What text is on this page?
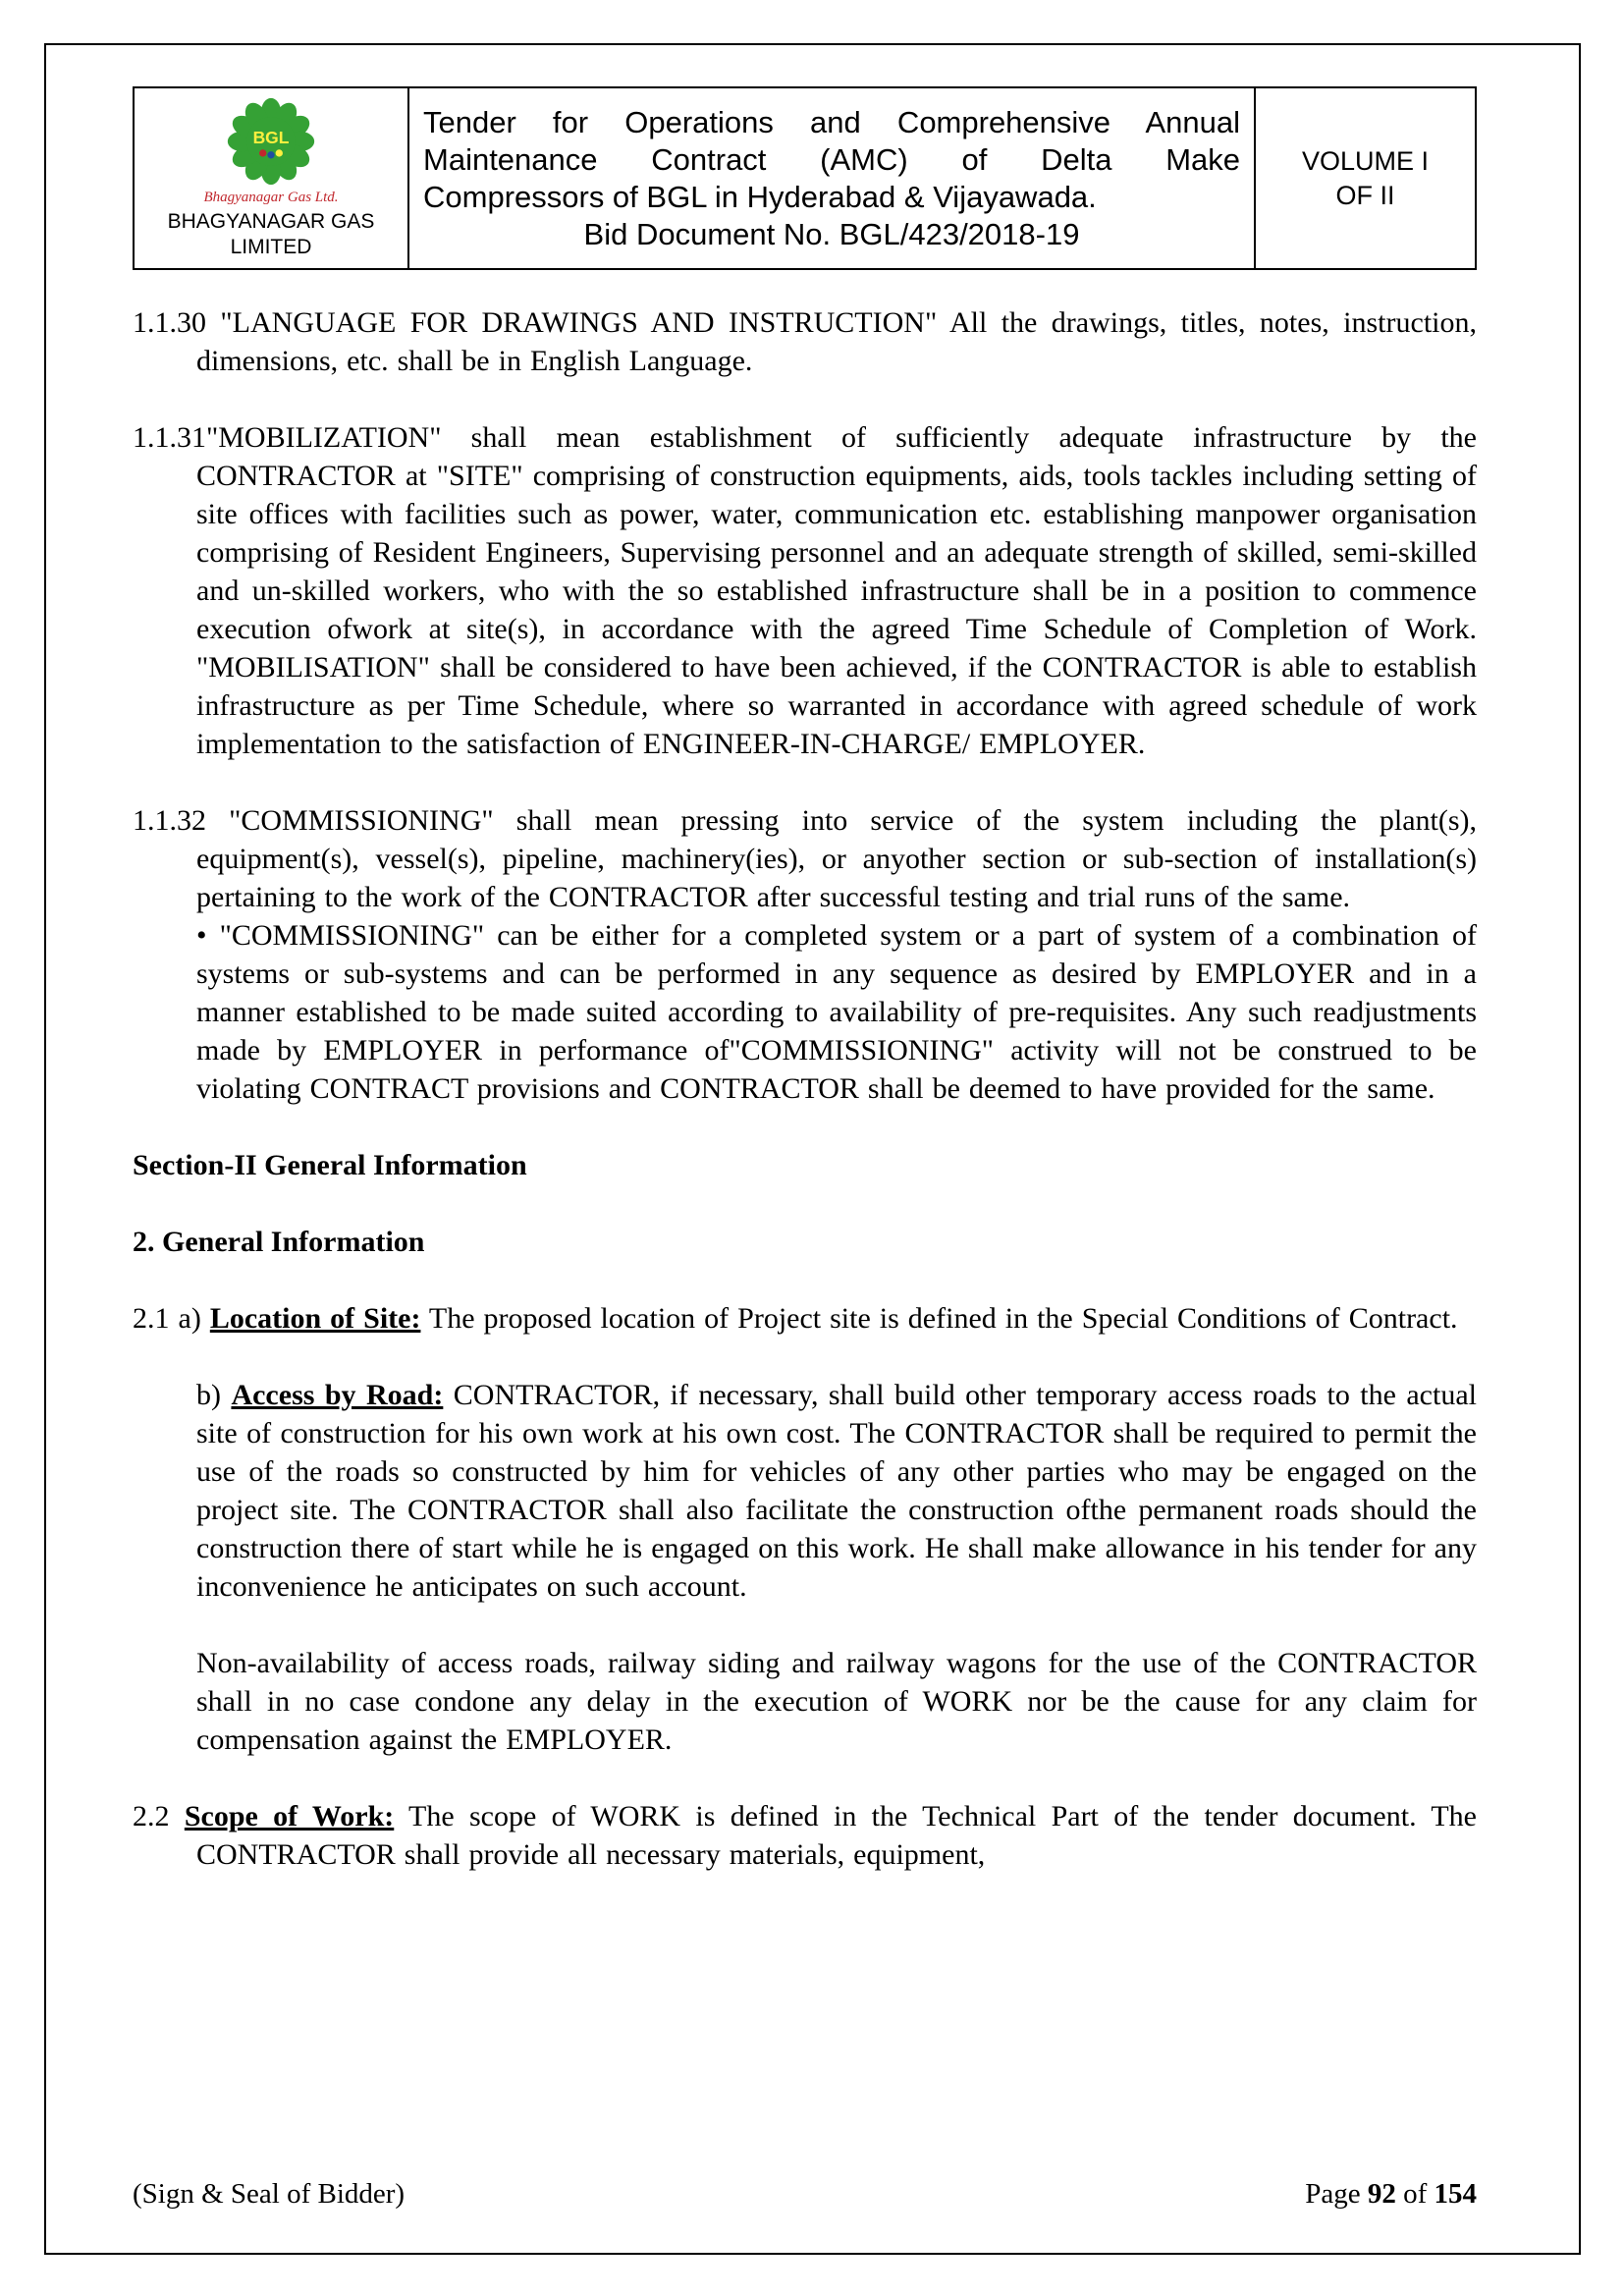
BGL
Bhagyanagar Gas Ltd.
BHAGYANAGAR GAS
LIMITED

Tender for Operations and Comprehensive Annual
Maintenance Contract (AMC) of Delta Make
Compressors of BGL in Hyderabad & Vijayawada.
Bid Document No. BGL/423/2018-19

VOLUME I
OF II
1.1.30 "LANGUAGE FOR DRAWINGS AND INSTRUCTION" All the drawings, titles, notes, instruction, dimensions, etc. shall be in English Language.
1.1.31"MOBILIZATION" shall mean establishment of sufficiently adequate infrastructure by the CONTRACTOR at "SITE" comprising of construction equipments, aids, tools tackles including setting of site offices with facilities such as power, water, communication etc. establishing manpower organisation comprising of Resident Engineers, Supervising personnel and an adequate strength of skilled, semi-skilled and un-skilled workers, who with the so established infrastructure shall be in a position to commence execution ofwork at site(s), in accordance with the agreed Time Schedule of Completion of Work. "MOBILISATION" shall be considered to have been achieved, if the CONTRACTOR is able to establish infrastructure as per Time Schedule, where so warranted in accordance with agreed schedule of work implementation to the satisfaction of ENGINEER-IN-CHARGE/ EMPLOYER.
1.1.32 "COMMISSIONING" shall mean pressing into service of the system including the plant(s), equipment(s), vessel(s), pipeline, machinery(ies), or anyother section or sub-section of installation(s) pertaining to the work of the CONTRACTOR after successful testing and trial runs of the same.
• "COMMISSIONING" can be either for a completed system or a part of system of a combination of systems or sub-systems and can be performed in any sequence as desired by EMPLOYER and in a manner established to be made suited according to availability of pre-requisites. Any such readjustments made by EMPLOYER in performance of"COMMISSIONING" activity will not be construed to be violating CONTRACT provisions and CONTRACTOR shall be deemed to have provided for the same.
Section-II General Information
2. General Information
2.1 a) Location of Site: The proposed location of Project site is defined in the Special Conditions of Contract.
b) Access by Road: CONTRACTOR, if necessary, shall build other temporary access roads to the actual site of construction for his own work at his own cost. The CONTRACTOR shall be required to permit the use of the roads so constructed by him for vehicles of any other parties who may be engaged on the project site. The CONTRACTOR shall also facilitate the construction ofthe permanent roads should the construction there of start while he is engaged on this work. He shall make allowance in his tender for any inconvenience he anticipates on such account.
Non-availability of access roads, railway siding and railway wagons for the use of the CONTRACTOR shall in no case condone any delay in the execution of WORK nor be the cause for any claim for compensation against the EMPLOYER.
2.2 Scope of Work: The scope of WORK is defined in the Technical Part of the tender document. The CONTRACTOR shall provide all necessary materials, equipment,
(Sign & Seal of Bidder)	Page 92 of 154
